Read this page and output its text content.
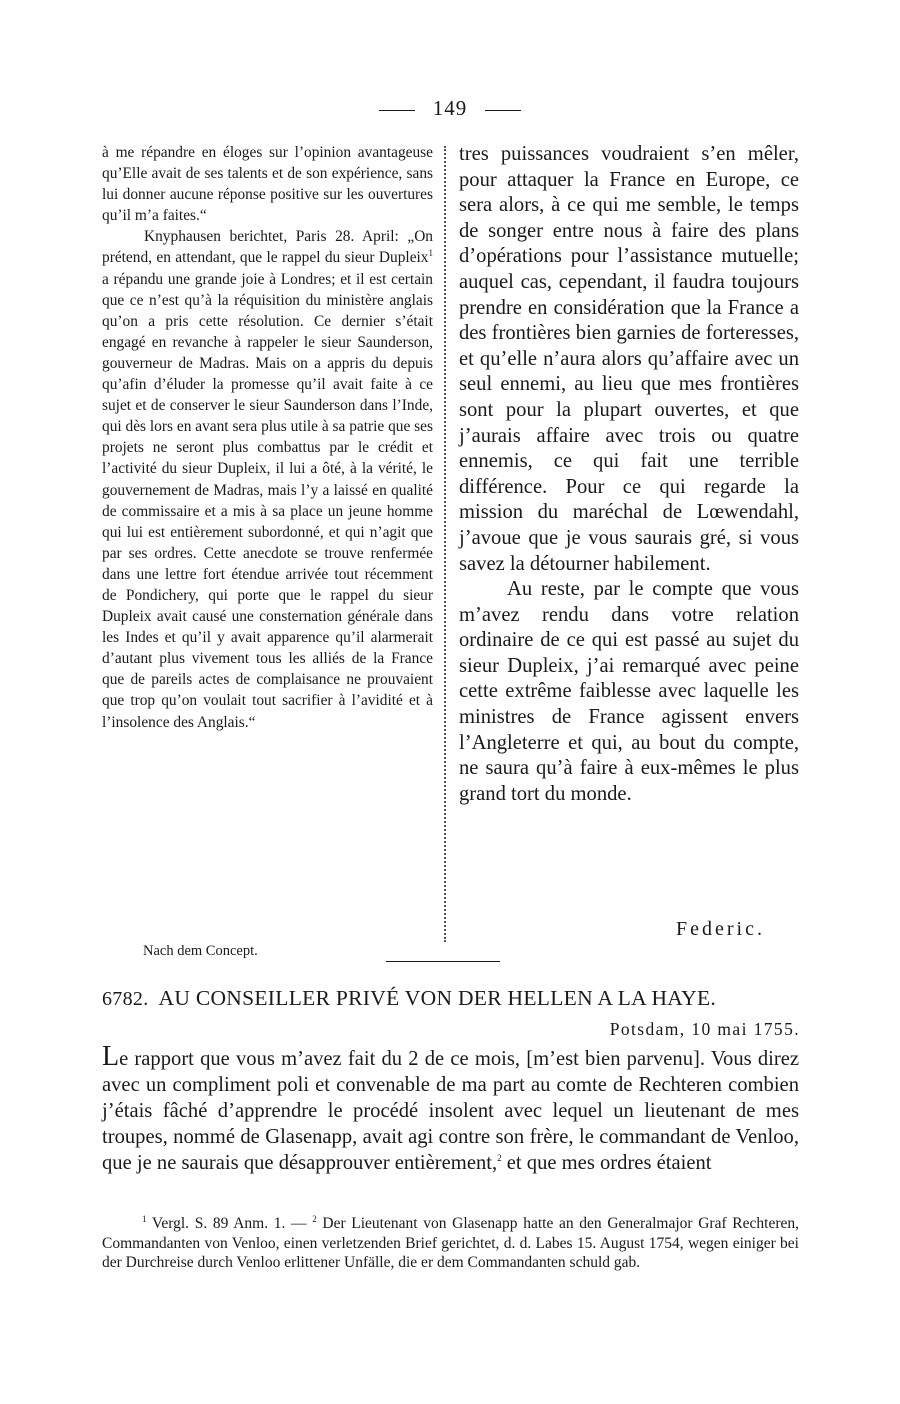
149

à me répandre en éloges sur l’opinion avantageuse qu’Elle avait de ses talents et de son expérience, sans lui donner aucune réponse positive sur les ouvertures qu’il m’a faites.“

Knyphausen berichtet, Paris 28. April: „On prétend, en attendant, que le rappel du sieur Dupleix$^1$ a répandu une grande joie à Londres; et il est certain que ce n’est qu’à la réquisition du ministère anglais qu’on a pris cette résolution. Ce dernier s’était engagé en revanche à rappeler le sieur Saunderson, gouverneur de Madras. Mais on a appris du depuis qu’afin d’éluder la promesse qu’il avait faite à ce sujet et de conserver le sieur Saunderson dans l’Inde, qui dès lors en avant sera plus utile à sa patrie que ses projets ne seront plus combattus par le crédit et l’activité du sieur Dupleix, il lui a ôté, à la vérité, le gouvernement de Madras, mais l’y a laissé en qualité de commissaire et a mis à sa place un jeune homme qui lui est entièrement subordonné, et qui n’agit que par ses ordres. Cette anecdote se trouve renfermée dans une lettre fort étendue arrivée tout récemment de Pondichery, qui porte que le rappel du sieur Dupleix avait causé une consternation générale dans les Indes et qu’il y avait apparence qu’il alarmerait d’autant plus vivement tous les alliés de la France que de pareils actes de complaisance ne prouvaient que trop qu’on voulait tout sacrifier à l’avidité et à l’insolence des Anglais.“

tres puissances voudraient s’en mêler, pour attaquer la France en Europe, ce sera alors, à ce qui me semble, le temps de songer entre nous à faire des plans d’opérations pour l’assistance mutuelle; auquel cas, cependant, il faudra toujours prendre en considération que la France a des frontières bien garnies de forteresses, et qu’elle n’aura alors qu’affaire avec un seul ennemi, au lieu que mes frontières sont pour la plupart ouvertes, et que j’aurais affaire avec trois ou quatre ennemis, ce qui fait une terrible différence. Pour ce qui regarde la mission du maréchal de Lœwendahl, j’avoue que je vous saurais gré, si vous savez la détourner habilement.

Au reste, par le compte que vous m’avez rendu dans votre relation ordinaire de ce qui est passé au sujet du sieur Dupleix, j’ai remarqué avec peine cette extrême faiblesse avec laquelle les ministres de France agissent envers l’Angleterre et qui, au bout du compte, ne saura qu’à faire à eux-mêmes le plus grand tort du monde.

Federic.
Nach dem Concept.
6782. AU CONSEILLER PRIVÉ VON DER HELLEN A LA HAYE.
Potsdam, 10 mai 1755.

Le rapport que vous m’avez fait du 2 de ce mois, [m’est bien parvenu]. Vous direz avec un compliment poli et convenable de ma part au comte de Rechteren combien j’étais fâché d’apprendre le procédé insolent avec lequel un lieutenant de mes troupes, nommé de Glasenapp, avait agi contre son frère, le commandant de Venloo, que je ne saurais que désapprouver entièrement,$^2$ et que mes ordres étaient

$^1$ Vergl. S. 89 Anm. 1. — $^2$ Der Lieutenant von Glasenapp hatte an den Generalmajor Graf Rechteren, Commandanten von Venloo, einen verletzenden Brief gerichtet, d. d. Labes 15. August 1754, wegen einiger bei der Durchreise durch Venloo erlittener Unfälle, die er dem Commandanten schuld gab.
